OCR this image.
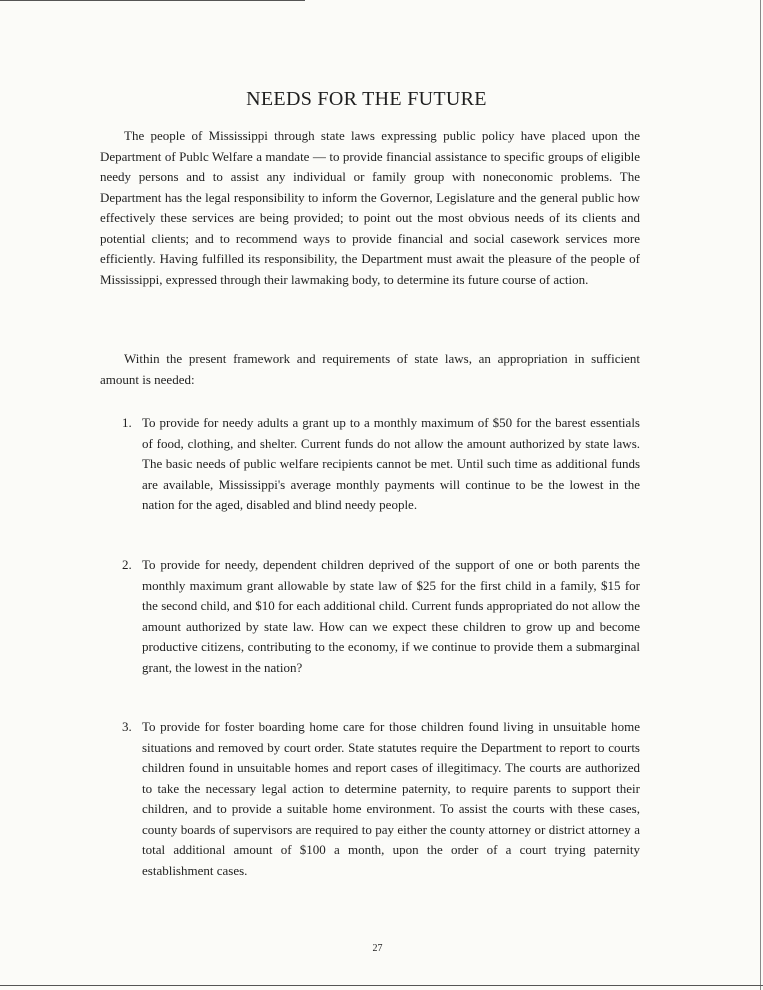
NEEDS FOR THE FUTURE

The people of Mississippi through state laws expressing public policy have placed upon the Department of Publc Welfare a mandate — to provide financial assistance to specific groups of eligible needy persons and to assist any individual or family group with noneconomic problems. The Department has the legal responsibility to inform the Governor, Legislature and the general public how effectively these services are being provided; to point out the most obvious needs of its clients and potential clients; and to recommend ways to provide financial and social casework services more efficiently. Having fulfilled its responsibility, the Department must await the pleasure of the people of Mississippi, expressed through their lawmaking body, to determine its future course of action.

Within the present framework and requirements of state laws, an appropriation in sufficient amount is needed:

1. To provide for needy adults a grant up to a monthly maximum of $50 for the barest essentials of food, clothing, and shelter. Current funds do not allow the amount authorized by state laws. The basic needs of public welfare recipients cannot be met. Until such time as additional funds are available, Mississippi's average monthly payments will continue to be the lowest in the nation for the aged, disabled and blind needy people.
2. To provide for needy, dependent children deprived of the support of one or both parents the monthly maximum grant allowable by state law of $25 for the first child in a family, $15 for the second child, and $10 for each additional child. Current funds appropriated do not allow the amount authorized by state law. How can we expect these children to grow up and become productive citizens, contributing to the economy, if we continue to provide them a submarginal grant, the lowest in the nation?
3. To provide for foster boarding home care for those children found living in unsuitable home situations and removed by court order. State statutes require the Department to report to courts children found in unsuitable homes and report cases of illegitimacy. The courts are authorized to take the necessary legal action to determine paternity, to require parents to support their children, and to provide a suitable home environment. To assist the courts with these cases, county boards of supervisors are required to pay either the county attorney or district attorney a total additional amount of $100 a month, upon the order of a court trying paternity establishment cases.
27
